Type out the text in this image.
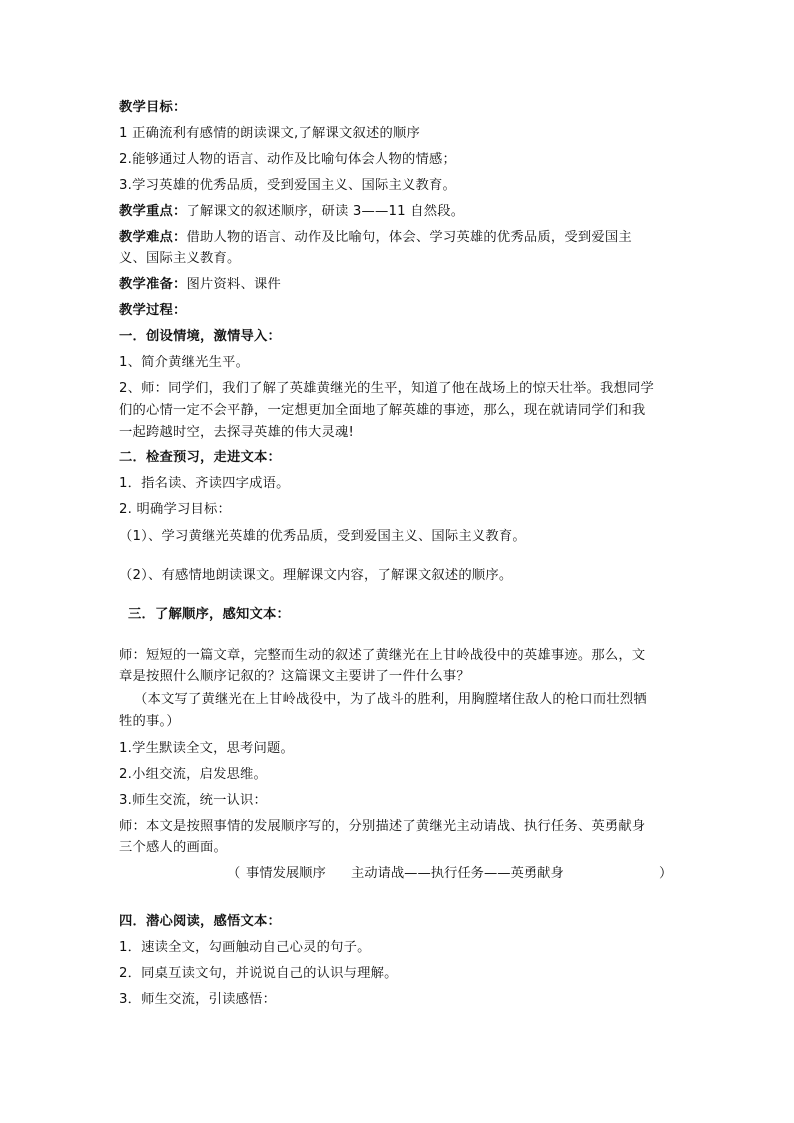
教学目标：
1 正确流利有感情的朗读课文,了解课文叙述的顺序
2.能够通过人物的语言、动作及比喻句体会人物的情感；
3.学习英雄的优秀品质，受到爱国主义、国际主义教育。
教学重点：了解课文的叙述顺序，研读 3——11 自然段。
教学难点：借助人物的语言、动作及比喻句，体会、学习英雄的优秀品质，受到爱国主
义、国际主义教育。
教学准备：图片资料、课件
教学过程：
一．创设情境，激情导入：
1、简介黄继光生平。
2、师：同学们，我们了解了英雄黄继光的生平，知道了他在战场上的惊天壮举。我想同学
们的心情一定不会平静，一定想更加全面地了解英雄的事迹，那么，现在就请同学们和我
一起跨越时空，去探寻英雄的伟大灵魂!
二．检查预习，走进文本：
1．指名读、齐读四字成语。
2. 明确学习目标：
（1）、学习黄继光英雄的优秀品质，受到爱国主义、国际主义教育。
（2）、有感情地朗读课文。理解课文内容，了解课文叙述的顺序。
三．了解顺序，感知文本：
师：短短的一篇文章，完整而生动的叙述了黄继光在上甘岭战役中的英雄事迹。那么，文
章是按照什么顺序记叙的？这篇课文主要讲了一件什么事？
（本文写了黄继光在上甘岭战役中，为了战斗的胜利，用胸膛堵住敌人的枪口而壮烈牺
牲的事。）
1.学生默读全文，思考问题。
2.小组交流，启发思维。
3.师生交流，统一认识：
师：本文是按照事情的发展顺序写的，分别描述了黄继光主动请战、执行任务、英勇献身
三个感人的画面。
（ 事情发展顺序 主动请战——执行任务——英勇献身	）
四．潜心阅读，感悟文本：
1．速读全文，勾画触动自己心灵的句子。
2．同桌互读文句，并说说自己的认识与理解。
3．师生交流，引读感悟：
